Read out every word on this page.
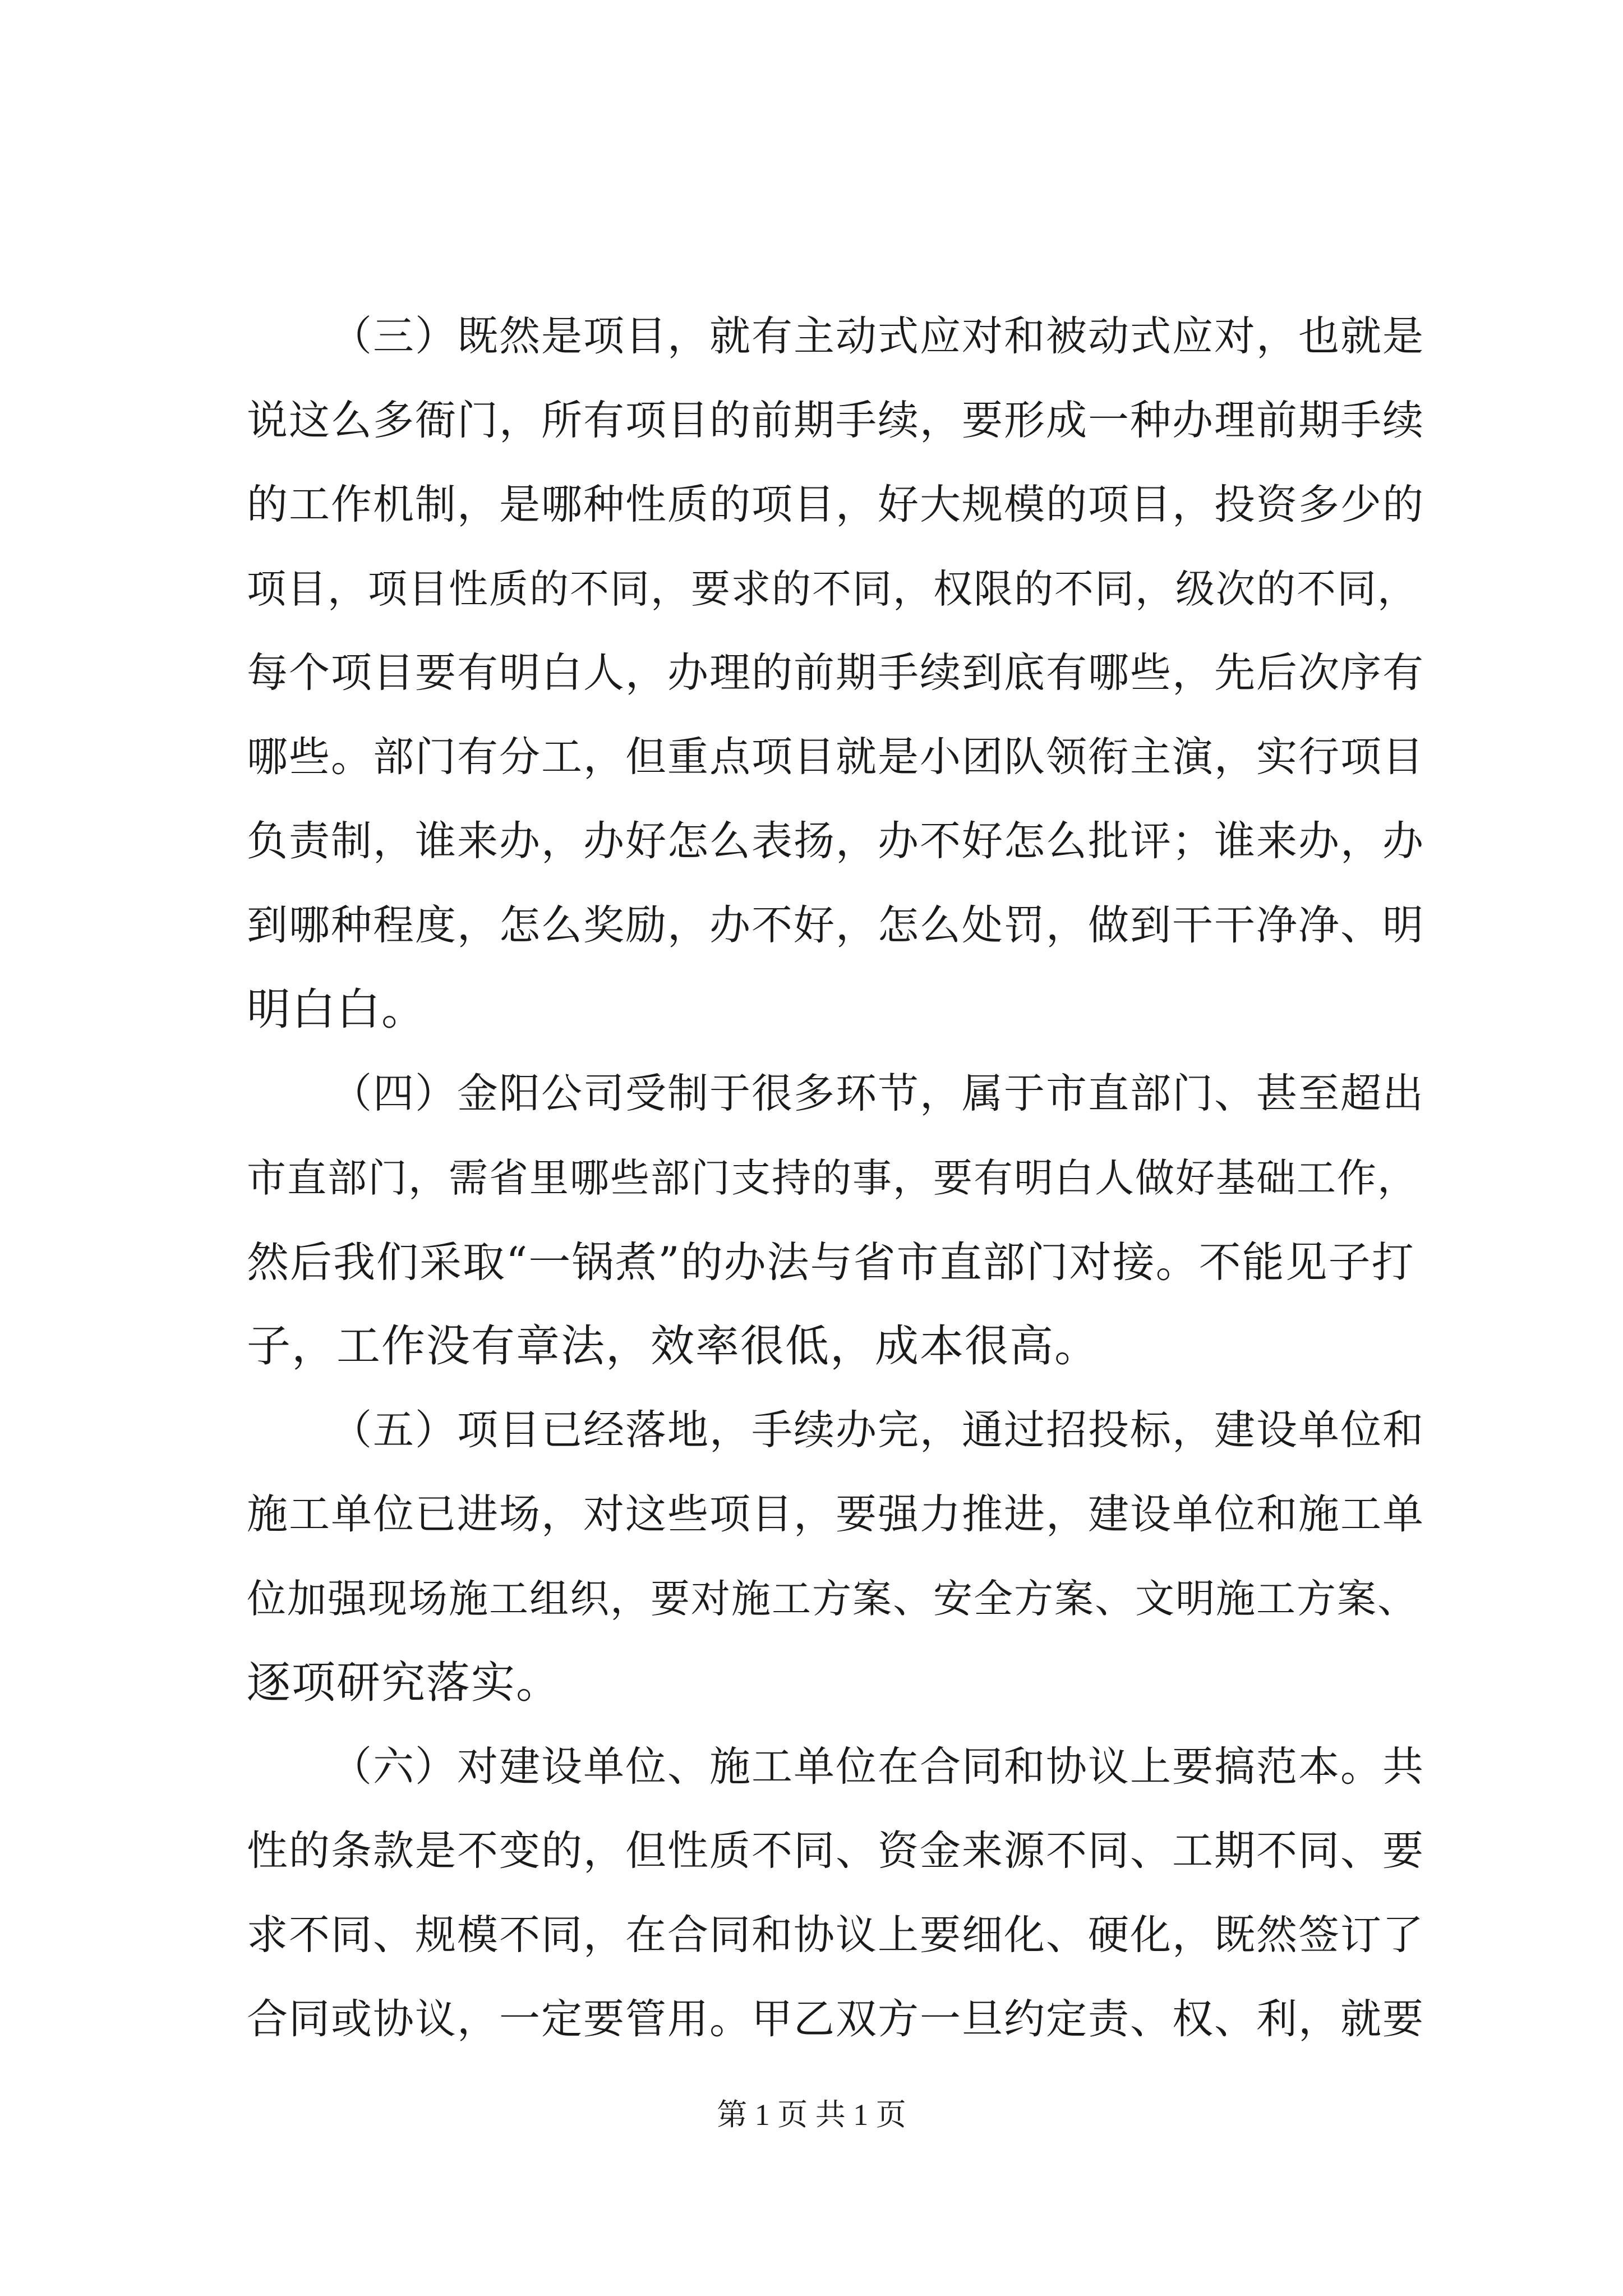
（三）既然是项目，就有主动式应对和被动式应对，也就是
说这么多衙门，所有项目的前期手续，要形成一种办理前期手续
的工作机制，是哪种性质的项目，好大规模的项目，投资多少的
项目，项目性质的不同，要求的不同，权限的不同，级次的不同，
每个项目要有明白人，办理的前期手续到底有哪些，先后次序有
哪些。部门有分工，但重点项目就是小团队领衔主演，实行项目
负责制，谁来办，办好怎么表扬，办不好怎么批评；谁来办，办
到哪种程度，怎么奖励，办不好，怎么处罚，做到干干净净、明
明白白。
（四）金阳公司受制于很多环节，属于市直部门、甚至超出
市直部门，需省里哪些部门支持的事，要有明白人做好基础工作，
然后我们采取“一锅煮”的办法与省市直部门对接。不能见子打
子，工作没有章法，效率很低，成本很高。
（五）项目已经落地，手续办完，通过招投标，建设单位和
施工单位已进场，对这些项目，要强力推进，建设单位和施工单
位加强现场施工组织，要对施工方案、安全方案、文明施工方案、
逐项研究落实。
（六）对建设单位、施工单位在合同和协议上要搞范本。共
性的条款是不变的，但性质不同、资金来源不同、工期不同、要
求不同、规模不同，在合同和协议上要细化、硬化，既然签订了
合同或协议，一定要管用。甲乙双方一旦约定责、权、利，就要
第 1 页 共 1 页
